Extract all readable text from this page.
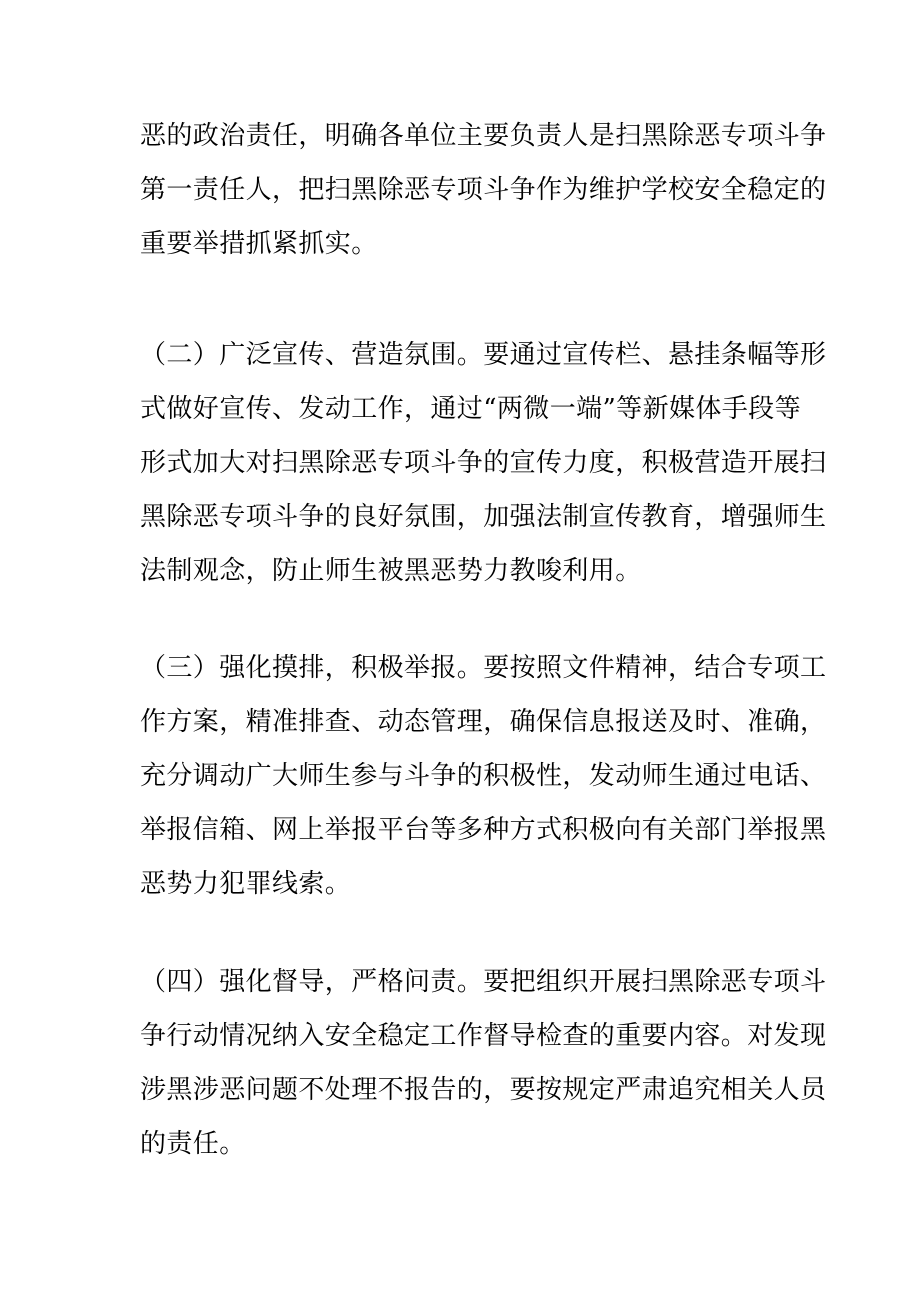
恶的政治责任，明确各单位主要负责人是扫黑除恶专项斗争
第一责任人，把扫黑除恶专项斗争作为维护学校安全稳定的
重要举措抓紧抓实。
（二）广泛宣传、营造氛围。要通过宣传栏、悬挂条幅等形
式做好宣传、发动工作，通过“两微一端”等新媒体手段等
形式加大对扫黑除恶专项斗争的宣传力度，积极营造开展扫
黑除恶专项斗争的良好氛围，加强法制宣传教育，增强师生
法制观念，防止师生被黑恶势力教唆利用。
（三）强化摸排，积极举报。要按照文件精神，结合专项工
作方案，精准排查、动态管理，确保信息报送及时、准确，
充分调动广大师生参与斗争的积极性，发动师生通过电话、
举报信箱、网上举报平台等多种方式积极向有关部门举报黑
恶势力犯罪线索。
（四）强化督导，严格问责。要把组织开展扫黑除恶专项斗
争行动情况纳入安全稳定工作督导检查的重要内容。对发现
涉黑涉恶问题不处理不报告的，要按规定严肃追究相关人员
的责任。
